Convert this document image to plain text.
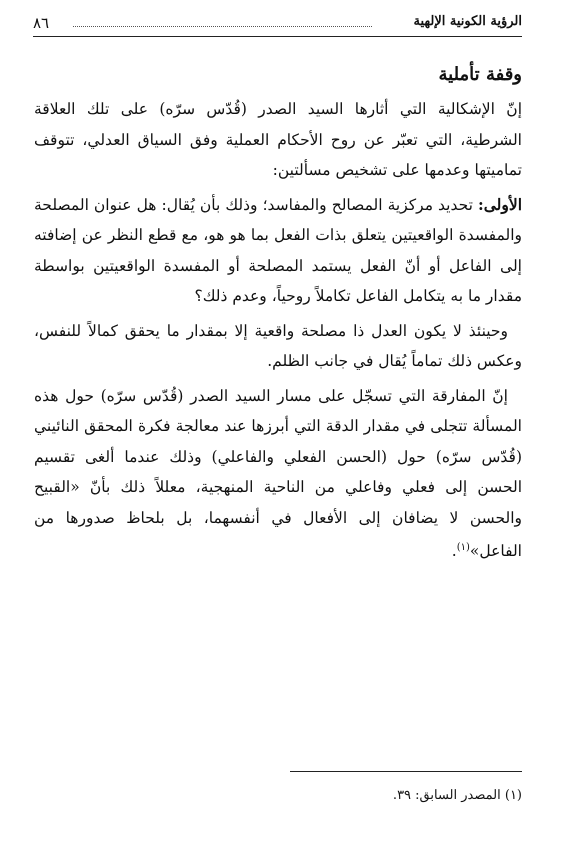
٨٦	الرؤية الكونية الإلهية
وقفة تأملية

إنّ الإشكالية التي أثارها السيد الصدر (قُدّس سرّه) على تلك العلاقة الشرطية، التي تعبّر عن روح الأحكام العملية وفق السياق العدلي، تتوقف تماميتها وعدمها على تشخيص مسألتين:

الأولى: تحديد مركزية المصالح والمفاسد؛ وذلك بأن يُقال: هل عنوان المصلحة والمفسدة الواقعيتين يتعلق بذات الفعل بما هو هو، مع قطع النظر عن إضافته إلى الفاعل أو أنّ الفعل يستمد المصلحة أو المفسدة الواقعيتين بواسطة مقدار ما به يتكامل الفاعل تكاملاً روحياً، وعدم ذلك؟

وحينئذ لا يكون العدل ذا مصلحة واقعية إلا بمقدار ما يحقق كمالاً للنفس، وعكس ذلك تماماً يُقال في جانب الظلم.

إنّ المفارقة التي تسجّل على مسار السيد الصدر (قُدّس سرّه) حول هذه المسألة تتجلى في مقدار الدقة التي أبرزها عند معالجة فكرة المحقق النائيني (قُدّس سرّه) حول (الحسن الفعلي والفاعلي) وذلك عندما ألغى تقسيم الحسن إلى فعلي وفاعلي من الناحية المنهجية، معللاً ذلك بأنّ «القبيح والحسن لا يضافان إلى الأفعال في أنفسهما، بل بلحاظ صدورها من الفاعل»$^{(١)}$.

(١) المصدر السابق: ٣٩.
